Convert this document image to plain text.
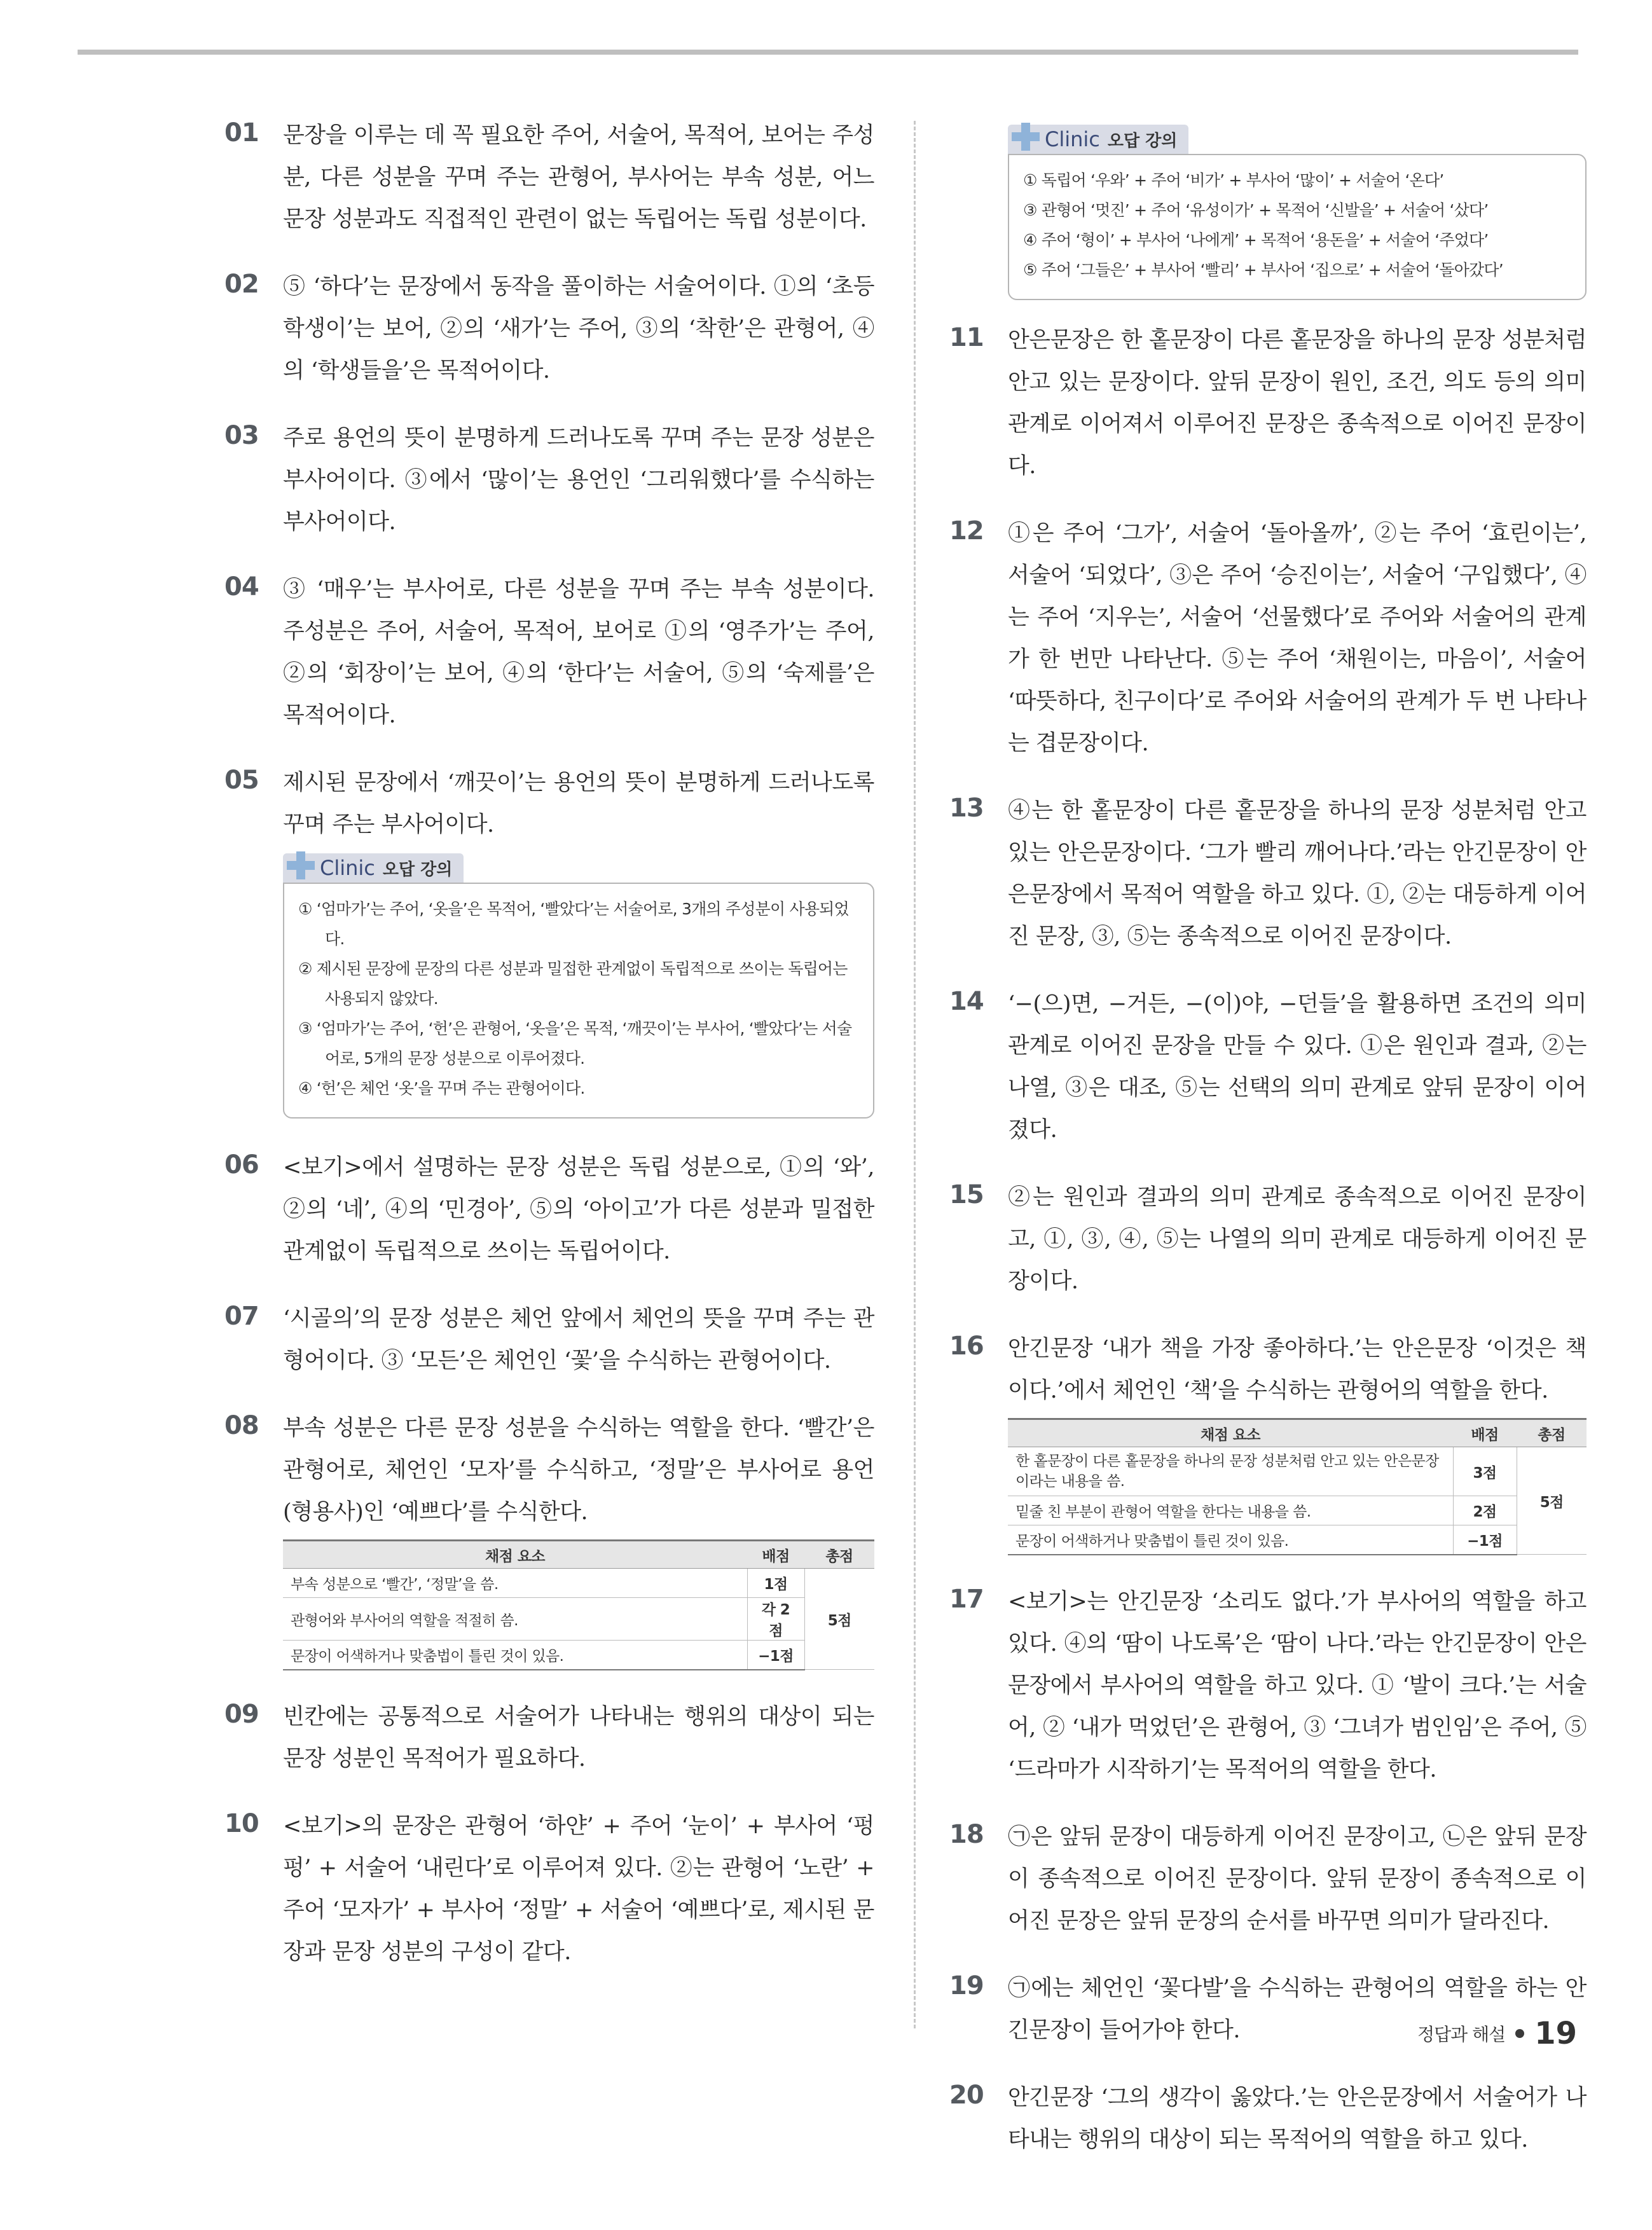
01 문장을 이루는 데 꼭 필요한 주어, 서술어, 목적어, 보어는 주성분, 다른 성분을 꾸며 주는 관형어, 부사어는 부속 성분, 어느 문장 성분과도 직접적인 관련이 없는 독립어는 독립 성분이다.

02 ⑤ ‘하다’는 문장에서 동작을 풀이하는 서술어이다. ①의 ‘초등학생이’는 보어, ②의 ‘새가’는 주어, ③의 ‘착한’은 관형어, ④의 ‘학생들을’은 목적어이다.

03 주로 용언의 뜻이 분명하게 드러나도록 꾸며 주는 문장 성분은 부사어이다. ③에서 ‘많이’는 용언인 ‘그리워했다’를 수식하는 부사어이다.

04 ③ ‘매우’는 부사어로, 다른 성분을 꾸며 주는 부속 성분이다. 주성분은 주어, 서술어, 목적어, 보어로 ①의 ‘영주가’는 주어, ②의 ‘회장이’는 보어, ④의 ‘한다’는 서술어, ⑤의 ‘숙제를’은 목적어이다.

05 제시된 문장에서 ‘깨끗이’는 용언의 뜻이 분명하게 드러나도록 꾸며 주는 부사어이다.

Clinic 오답 강의
① ‘엄마가’는 주어, ‘옷을’은 목적어, ‘빨았다’는 서술어로, 3개의 주성분이 사용되었다.
② 제시된 문장에 문장의 다른 성분과 밀접한 관계없이 독립적으로 쓰이는 독립어는 사용되지 않았다.
③ ‘엄마가’는 주어, ‘헌’은 관형어, ‘옷을’은 목적, ‘깨끗이’는 부사어, ‘빨았다’는 서술어로, 5개의 문장 성분으로 이루어졌다.
④ ‘헌’은 체언 ‘옷’을 꾸며 주는 관형어이다.
06 <보기>에서 설명하는 문장 성분은 독립 성분으로, ①의 ‘와’, ②의 ‘네’, ④의 ‘민경아’, ⑤의 ‘아이고’가 다른 성분과 밀접한 관계없이 독립적으로 쓰이는 독립어이다.

07 ‘시골의’의 문장 성분은 체언 앞에서 체언의 뜻을 꾸며 주는 관형어이다. ③ ‘모든’은 체언인 ‘꽃’을 수식하는 관형어이다.

08 부속 성분은 다른 문장 성분을 수식하는 역할을 한다. ‘빨간’은 관형어로, 체언인 ‘모자’를 수식하고, ‘정말’은 부사어로 용언(형용사)인 ‘예쁘다’를 수식한다.

채점 요소	배점	총점
부속 성분으로 ‘빨간’, ‘정말’을 씀.	1점	5점
관형어와 부사어의 역할을 적절히 씀.	각 2점	
문장이 어색하거나 맞춤법이 틀린 것이 있음.	−1점	
09 빈칸에는 공통적으로 서술어가 나타내는 행위의 대상이 되는 문장 성분인 목적어가 필요하다.

10 <보기>의 문장은 관형어 ‘하얀’ + 주어 ‘눈이’ + 부사어 ‘펑펑’ + 서술어 ‘내린다’로 이루어져 있다. ②는 관형어 ‘노란’ + 주어 ‘모자가’ + 부사어 ‘정말’ + 서술어 ‘예쁘다’로, 제시된 문장과 문장 성분의 구성이 같다.

Clinic 오답 강의
① 독립어 ‘우와’ + 주어 ‘비가’ + 부사어 ‘많이’ + 서술어 ‘온다’
③ 관형어 ‘멋진’ + 주어 ‘유성이가’ + 목적어 ‘신발을’ + 서술어 ‘샀다’
④ 주어 ‘형이’ + 부사어 ‘나에게’ + 목적어 ‘용돈을’ + 서술어 ‘주었다’
⑤ 주어 ‘그들은’ + 부사어 ‘빨리’ + 부사어 ‘집으로’ + 서술어 ‘돌아갔다’
11 안은문장은 한 홑문장이 다른 홑문장을 하나의 문장 성분처럼 안고 있는 문장이다. 앞뒤 문장이 원인, 조건, 의도 등의 의미 관계로 이어져서 이루어진 문장은 종속적으로 이어진 문장이다.

12 ①은 주어 ‘그가’, 서술어 ‘돌아올까’, ②는 주어 ‘효린이는’, 서술어 ‘되었다’, ③은 주어 ‘승진이는’, 서술어 ‘구입했다’, ④는 주어 ‘지우는’, 서술어 ‘선물했다’로 주어와 서술어의 관계가 한 번만 나타난다. ⑤는 주어 ‘채원이는, 마음이’, 서술어 ‘따뜻하다, 친구이다’로 주어와 서술어의 관계가 두 번 나타나는 겹문장이다.

13 ④는 한 홑문장이 다른 홑문장을 하나의 문장 성분처럼 안고 있는 안은문장이다. ‘그가 빨리 깨어나다.’라는 안긴문장이 안은문장에서 목적어 역할을 하고 있다. ①, ②는 대등하게 이어진 문장, ③, ⑤는 종속적으로 이어진 문장이다.

14 ‘−(으)면, −거든, −(이)야, −던들’을 활용하면 조건의 의미 관계로 이어진 문장을 만들 수 있다. ①은 원인과 결과, ②는 나열, ③은 대조, ⑤는 선택의 의미 관계로 앞뒤 문장이 이어졌다.

15 ②는 원인과 결과의 의미 관계로 종속적으로 이어진 문장이고, ①, ③, ④, ⑤는 나열의 의미 관계로 대등하게 이어진 문장이다.

16 안긴문장 ‘내가 책을 가장 좋아하다.’는 안은문장 ‘이것은 책이다.’에서 체언인 ‘책’을 수식하는 관형어의 역할을 한다.

채점 요소	배점	총점
한 홑문장이 다른 홑문장을 하나의 문장 성분처럼 안고 있는 안은문장이라는 내용을 씀.	3점	5점
밑줄 친 부분이 관형어 역할을 한다는 내용을 씀.	2점	
문장이 어색하거나 맞춤법이 틀린 것이 있음.	−1점	
17 <보기>는 안긴문장 ‘소리도 없다.’가 부사어의 역할을 하고 있다. ④의 ‘땀이 나도록’은 ‘땀이 나다.’라는 안긴문장이 안은문장에서 부사어의 역할을 하고 있다. ① ‘발이 크다.’는 서술어, ② ‘내가 먹었던’은 관형어, ③ ‘그녀가 범인임’은 주어, ⑤ ‘드라마가 시작하기’는 목적어의 역할을 한다.

18 ㉠은 앞뒤 문장이 대등하게 이어진 문장이고, ㉡은 앞뒤 문장이 종속적으로 이어진 문장이다. 앞뒤 문장이 종속적으로 이어진 문장은 앞뒤 문장의 순서를 바꾸면 의미가 달라진다.

19 ㉠에는 체언인 ‘꽃다발’을 수식하는 관형어의 역할을 하는 안긴문장이 들어가야 한다.

20 안긴문장 ‘그의 생각이 옳았다.’는 안은문장에서 서술어가 나타내는 행위의 대상이 되는 목적어의 역할을 하고 있다.

정답과 해설 19
